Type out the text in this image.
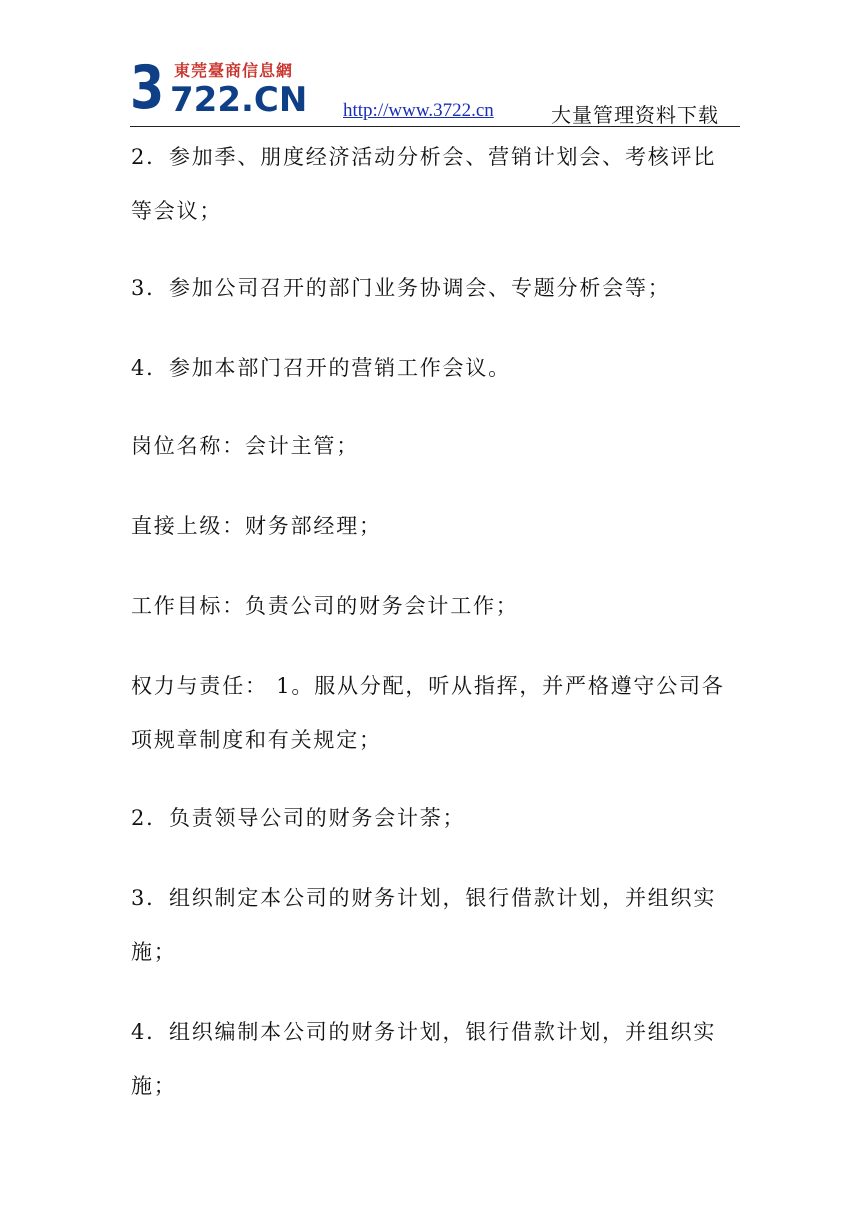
3 東莞臺商信息網
722.CN http://www.3722.cn	大量管理资料下载
2．参加季、朋度经济活动分析会、营销计划会、考核评比
等会议；
3．参加公司召开的部门业务协调会、专题分析会等；
4．参加本部门召开的营销工作会议。
岗位名称：会计主管；
直接上级：财务部经理；
工作目标：负责公司的财务会计工作；
权力与责任： 1。服从分配，听从指挥，并严格遵守公司各
项规章制度和有关规定；
2．负责领导公司的财务会计荼；
3．组织制定本公司的财务计划，银行借款计划，并组织实
施；
4．组织编制本公司的财务计划，银行借款计划，并组织实
施；
